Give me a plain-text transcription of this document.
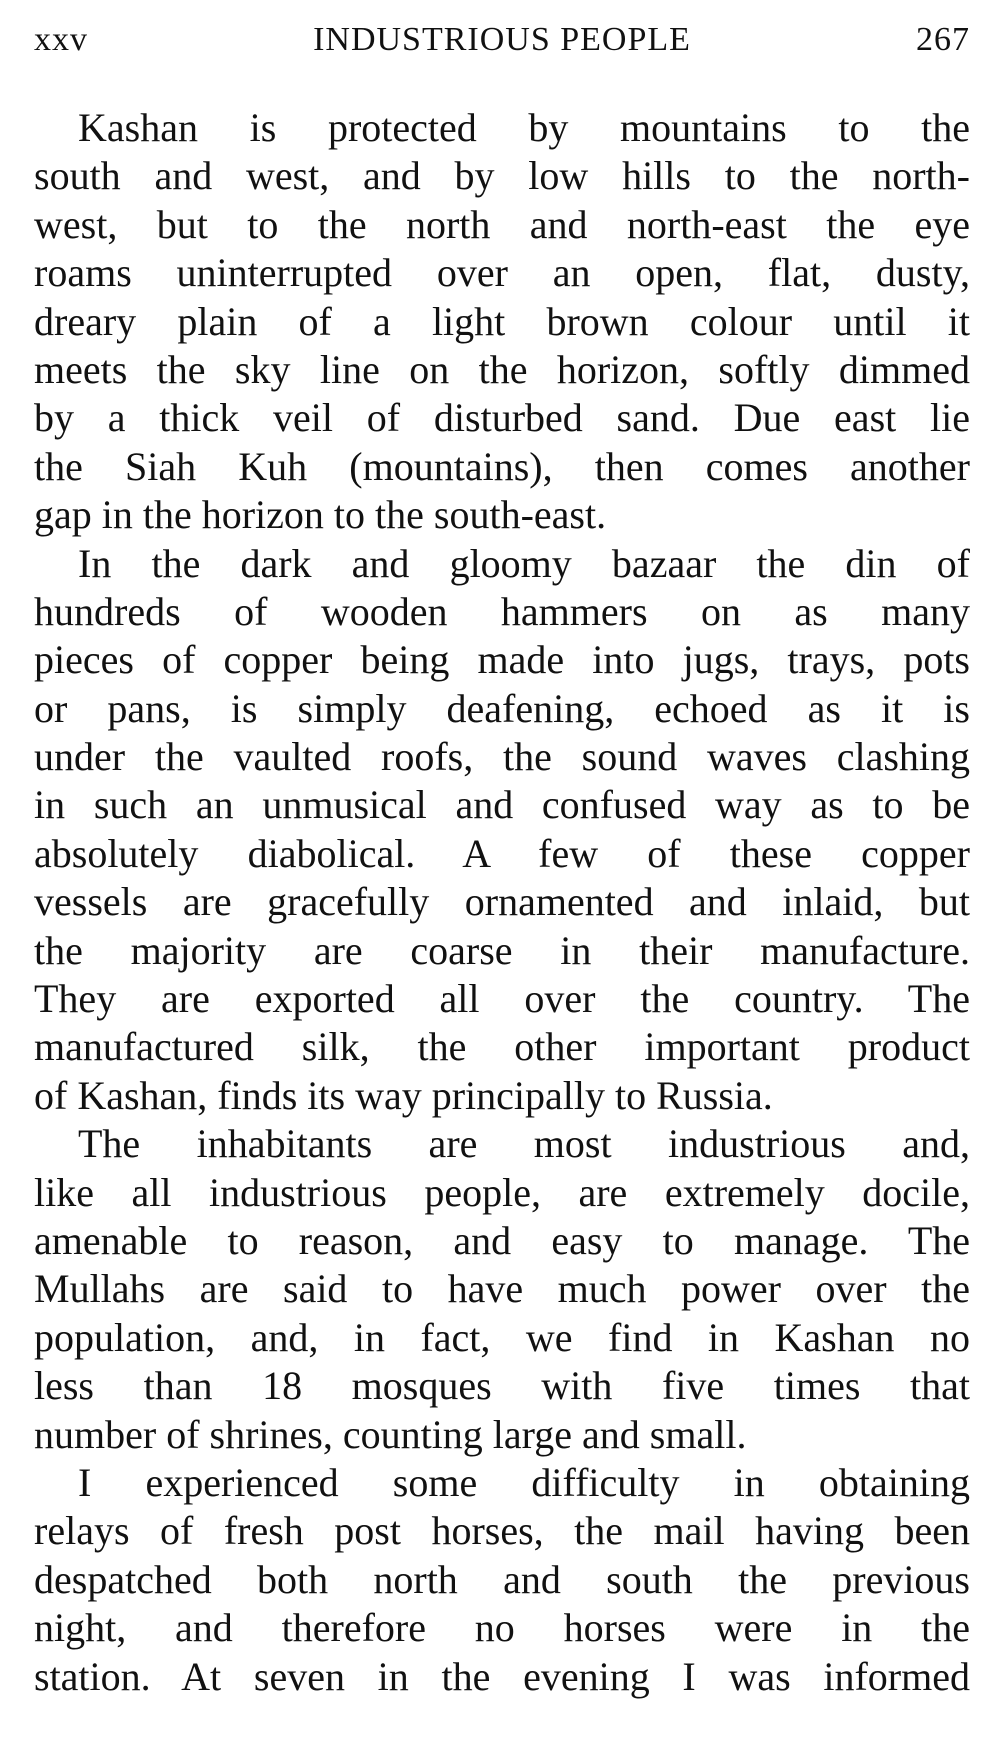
INDUSTRIOUS PEOPLE
xxv	267
Kashan is protected by mountains to the
south and west, and by low hills to the north-
west, but to the north and north-east the eye
roams uninterrupted over an open, flat, dusty,
dreary plain of a light brown colour until it
meets the sky line on the horizon, softly dimmed
by a thick veil of disturbed sand. Due east lie
the Siah Kuh (mountains), then comes another
gap in the horizon to the south-east.
In the dark and gloomy bazaar the din of
hundreds of wooden hammers on as many
pieces of copper being made into jugs, trays, pots
or pans, is simply deafening, echoed as it is
under the vaulted roofs, the sound waves clashing
in such an unmusical and confused way as to be
absolutely diabolical. A few of these copper
vessels are gracefully ornamented and inlaid, but
the majority are coarse in their manufacture.
They are exported all over the country. The
manufactured silk, the other important product
of Kashan, finds its way principally to Russia.
The inhabitants are most industrious and,
like all industrious people, are extremely docile,
amenable to reason, and easy to manage. The
Mullahs are said to have much power over the
population, and, in fact, we find in Kashan no
less than 18 mosques with five times that
number of shrines, counting large and small.
I experienced some difficulty in obtaining
relays of fresh post horses, the mail having been
despatched both north and south the previous
night, and therefore no horses were in the
station. At seven in the evening I was informed
